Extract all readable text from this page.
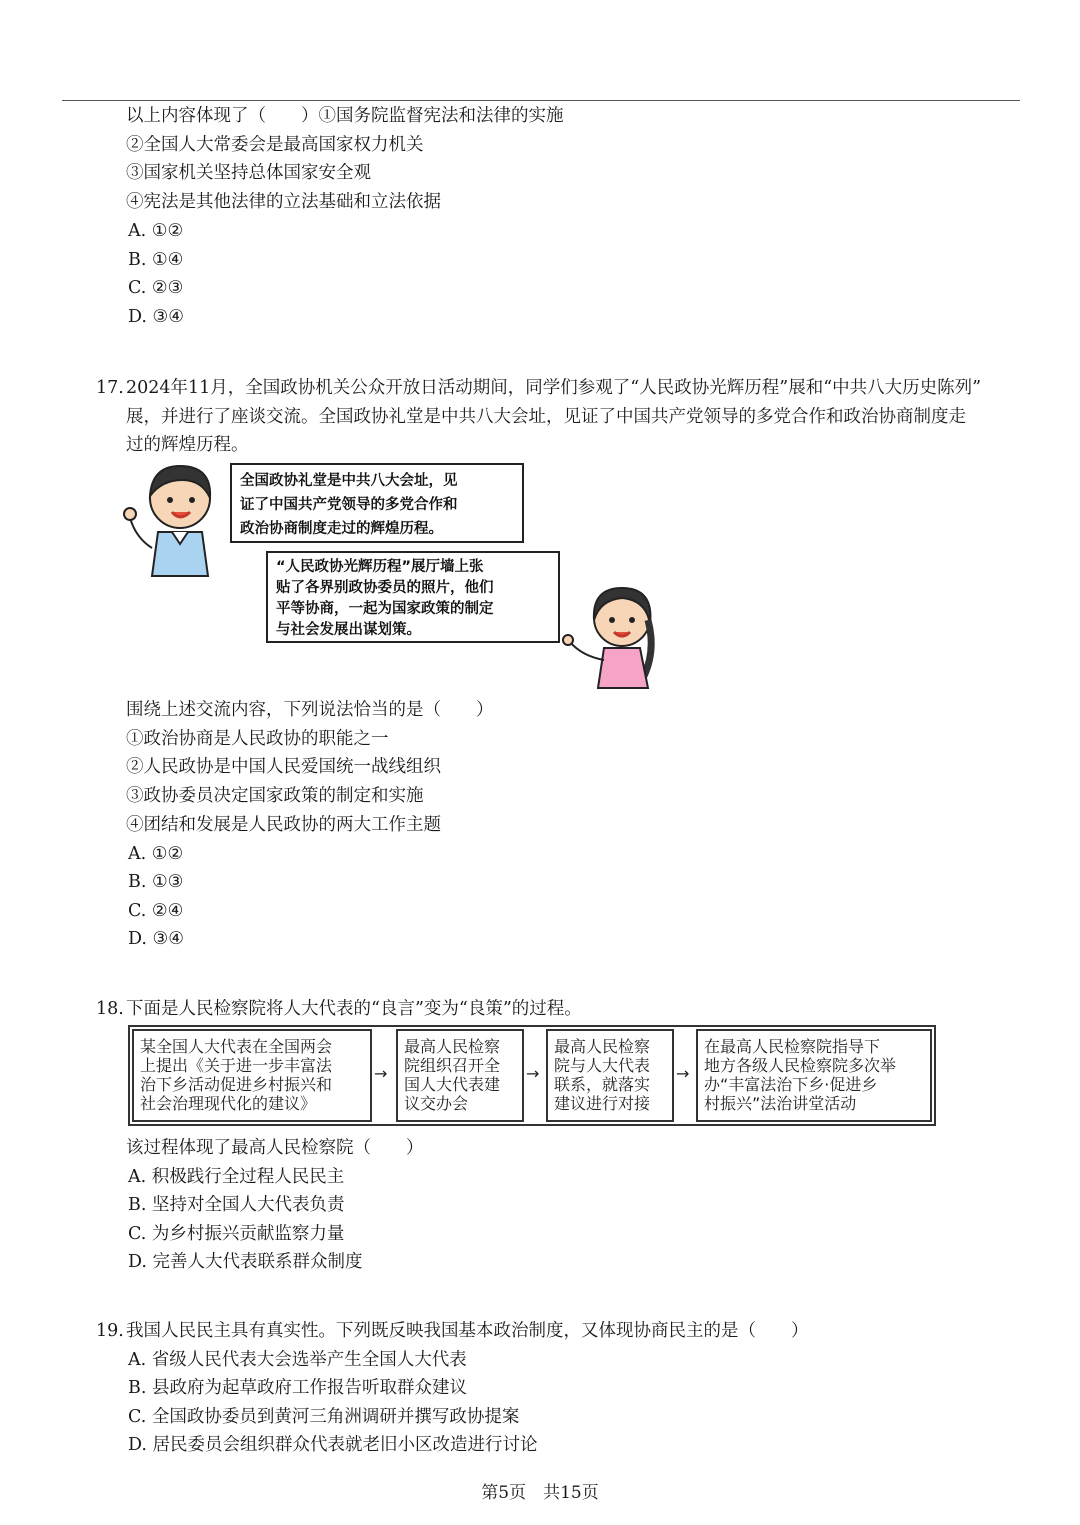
以上内容体现了（　　）①国务院监督宪法和法律的实施
②全国人大常委会是最高国家权力机关
③国家机关坚持总体国家安全观
④宪法是其他法律的立法基础和立法依据
A. ①②
B. ①④
C. ②③
D. ③④
17. 2024年11月，全国政协机关公众开放日活动期间，同学们参观了“人民政协光辉历程”展和“中共八大历史陈列”
展，并进行了座谈交流。全国政协礼堂是中共八大会址，见证了中国共产党领导的多党合作和政治协商制度走
过的辉煌历程。
全国政协礼堂是中共八大会址，见
证了中国共产党领导的多党合作和
政治协商制度走过的辉煌历程。
“人民政协光辉历程”展厅墙上张
贴了各界别政协委员的照片，他们
平等协商，一起为国家政策的制定
与社会发展出谋划策。
围绕上述交流内容，下列说法恰当的是（　　）
①政治协商是人民政协的职能之一
②人民政协是中国人民爱国统一战线组织
③政协委员决定国家政策的制定和实施
④团结和发展是人民政协的两大工作主题
A. ①②
B. ①③
C. ②④
D. ③④
18. 下面是人民检察院将人大代表的“良言”变为“良策”的过程。
某全国人大代表在全国两会
上提出《关于进一步丰富法
治下乡活动促进乡村振兴和
社会治理现代化的建议》
→
最高人民检察
院组织召开全
国人大代表建
议交办会
→
最高人民检察
院与人大代表
联系，就落实
建议进行对接
→
在最高人民检察院指导下
地方各级人民检察院多次举
办“丰富法治下乡·促进乡
村振兴”法治讲堂活动
该过程体现了最高人民检察院（　　）
A. 积极践行全过程人民民主
B. 坚持对全国人大代表负责
C. 为乡村振兴贡献监察力量
D. 完善人大代表联系群众制度
19. 我国人民民主具有真实性。下列既反映我国基本政治制度，又体现协商民主的是（　　）
A. 省级人民代表大会选举产生全国人大代表
B. 县政府为起草政府工作报告听取群众建议
C. 全国政协委员到黄河三角洲调研并撰写政协提案
D. 居民委员会组织群众代表就老旧小区改造进行讨论
第5页　共15页
